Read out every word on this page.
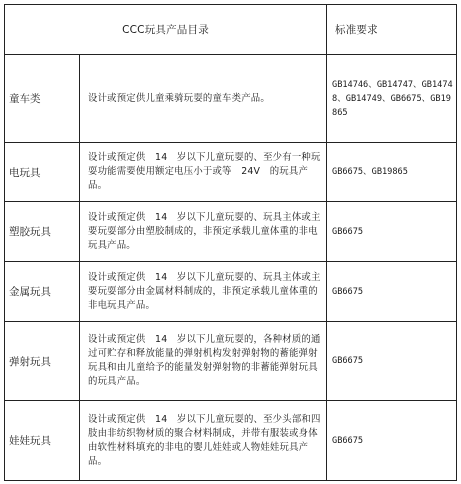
CCC玩具产品目录		标准要求
童车类	设计或预定供儿童乘骑玩耍的童车类产品。	GB14746、GB14747、GB14748、GB14749、GB6675、GB19865
电玩具	设计或预定供　14　岁以下儿童玩耍的、至少有一种玩耍功能需要使用额定电压小于或等　24V　的玩具产品。	GB6675、GB19865
塑胶玩具	设计或预定供　14　岁以下儿童玩耍的、玩具主体或主要玩耍部分由塑胶制成的，非预定承载儿童体重的非电玩具产品。	GB6675
金属玩具	设计或预定供　14　岁以下儿童玩耍的、玩具主体或主要玩耍部分由金属材料制成的，非预定承载儿童体重的非电玩具产品。	GB6675
弹射玩具	设计或预定供　14　岁以下儿童玩耍的，各种材质的通过可贮存和释放能量的弹射机构发射弹射物的蓄能弹射玩具和由儿童给予的能量发射弹射物的非蓄能弹射玩具的玩具产品。	GB6675
娃娃玩具	设计或预定供　14　岁以下儿童玩耍的、至少头部和四肢由非纺织物材质的聚合材料制成，并带有服装或身体由软性材料填充的非电的婴儿娃娃或人物娃娃玩具产品。	GB6675
